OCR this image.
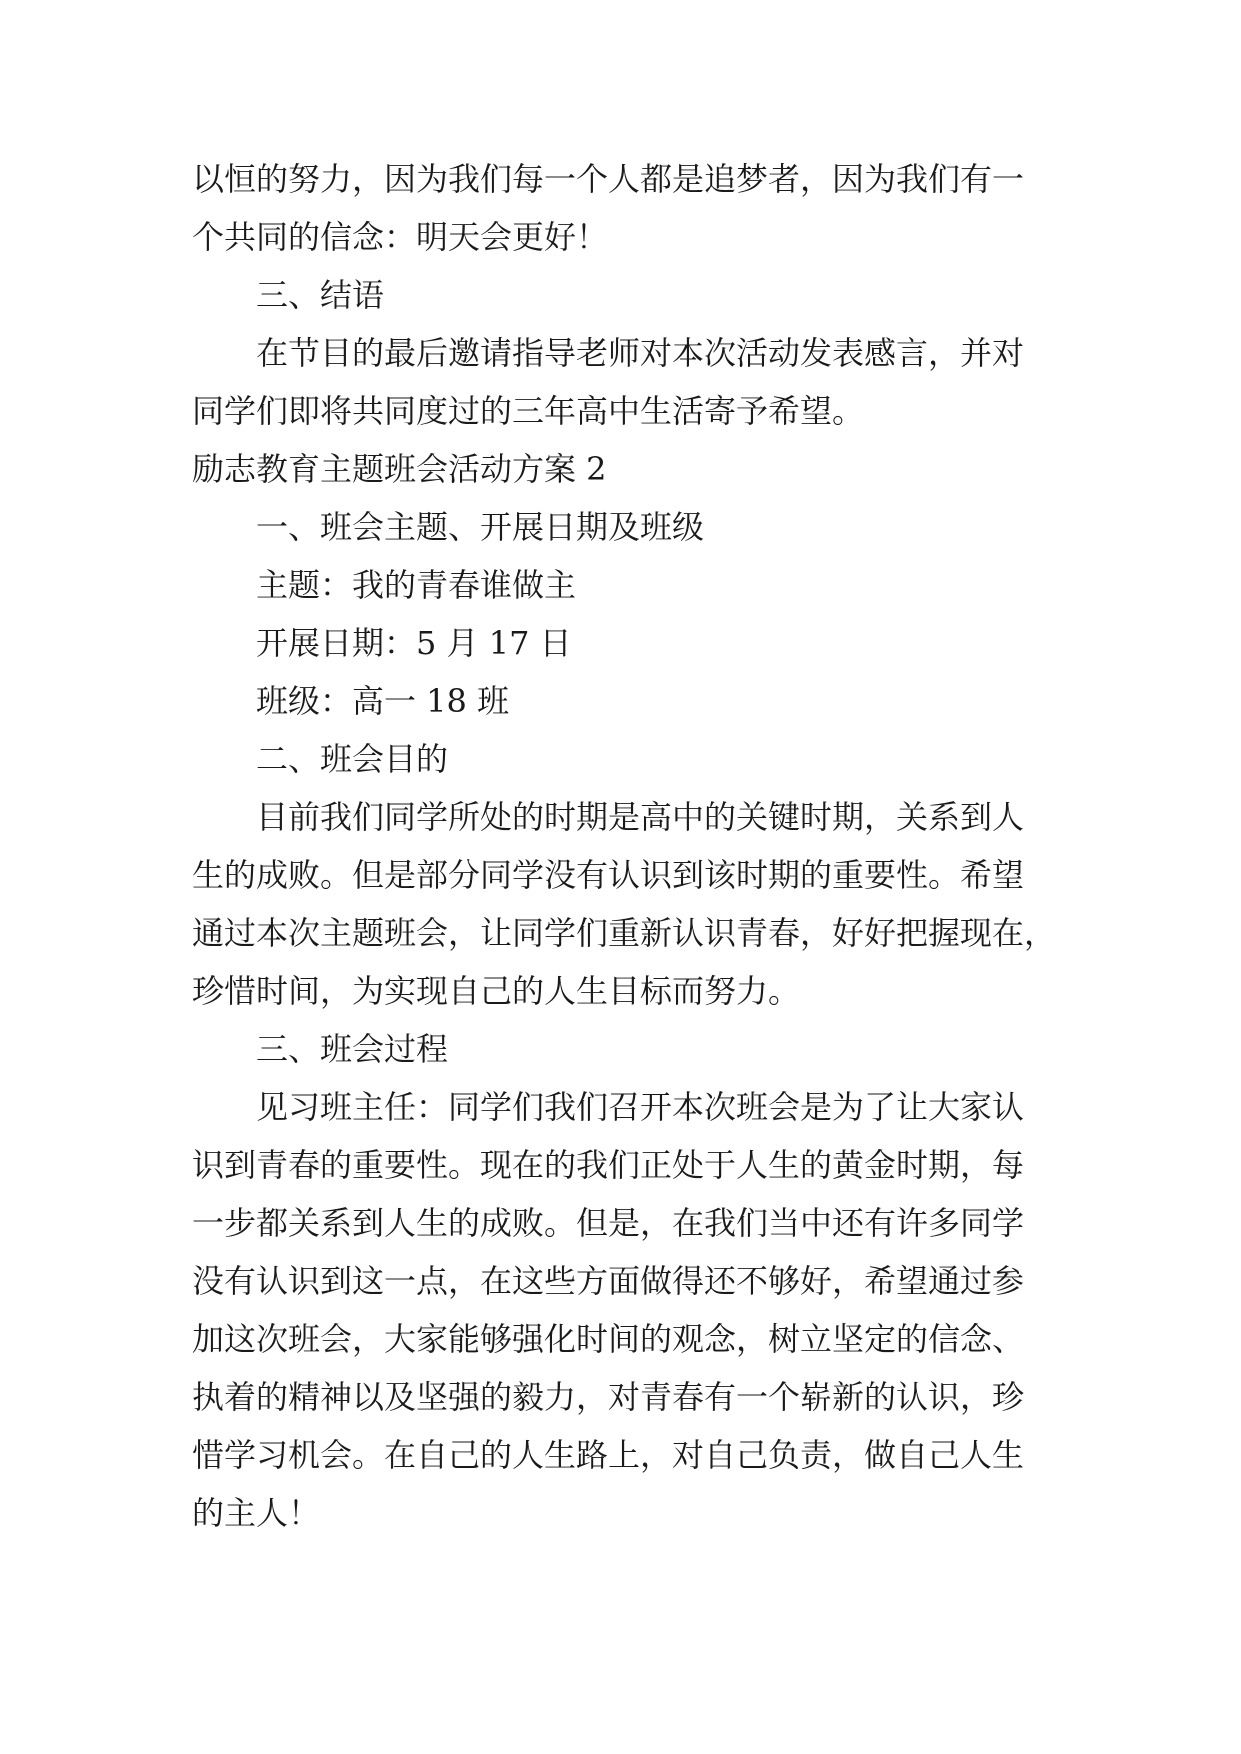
以恒的努力，因为我们每一个人都是追梦者，因为我们有一

个共同的信念：明天会更好！

三、结语

在节目的最后邀请指导老师对本次活动发表感言，并对

同学们即将共同度过的三年高中生活寄予希望。

励志教育主题班会活动方案 2

一、班会主题、开展日期及班级

主题：我的青春谁做主

开展日期：5 月 17 日

班级：高一 18 班

二、班会目的

目前我们同学所处的时期是高中的关键时期，关系到人

生的成败。但是部分同学没有认识到该时期的重要性。希望

通过本次主题班会，让同学们重新认识青春，好好把握现在，

珍惜时间，为实现自己的人生目标而努力。

三、班会过程

见习班主任：同学们我们召开本次班会是为了让大家认

识到青春的重要性。现在的我们正处于人生的黄金时期，每

一步都关系到人生的成败。但是，在我们当中还有许多同学

没有认识到这一点，在这些方面做得还不够好，希望通过参

加这次班会，大家能够强化时间的观念，树立坚定的信念、

执着的精神以及坚强的毅力，对青春有一个崭新的认识，珍

惜学习机会。在自己的人生路上，对自己负责，做自己人生

的主人！
